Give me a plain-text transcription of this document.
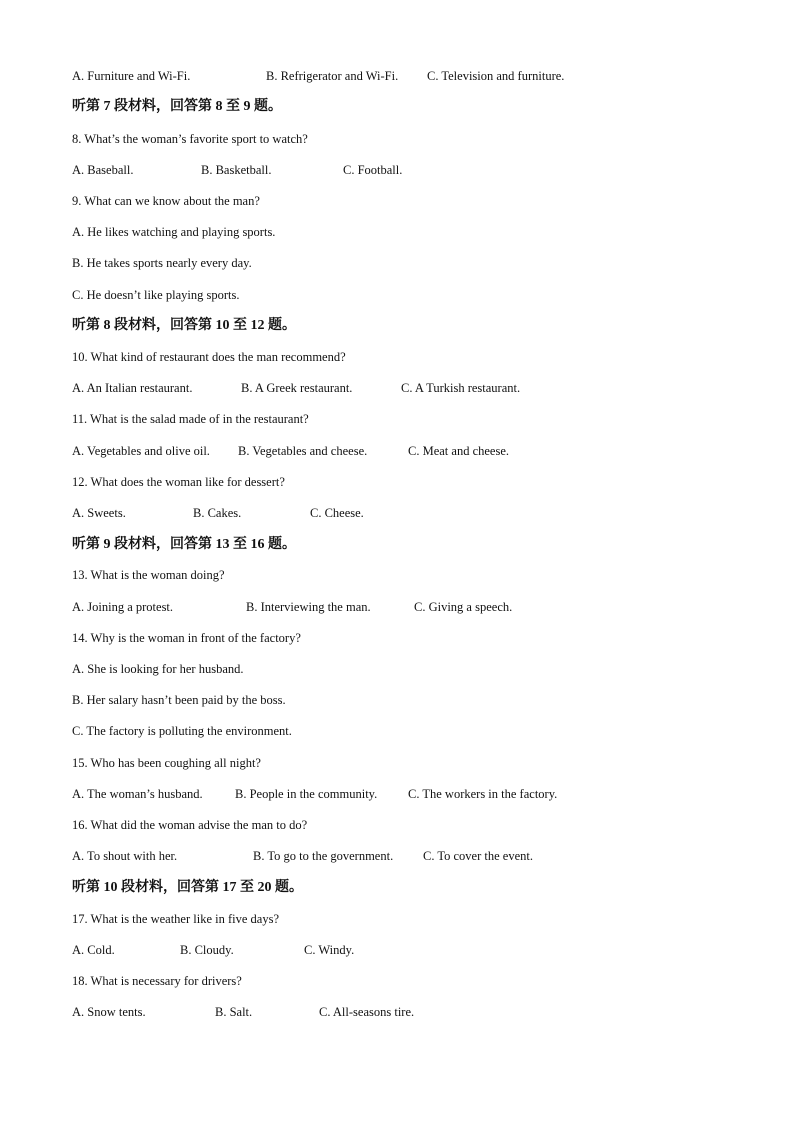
A. Furniture and Wi-Fi.	B. Refrigerator and Wi-Fi. C. Television and furniture.
听第 7 段材料，回答第 8 至 9 题。
8. What’s the woman’s favorite sport to watch?
A. Baseball.	B. Basketball.	C. Football.
9. What can we know about the man?
A. He likes watching and playing sports.
B. He takes sports nearly every day.
C. He doesn’t like playing sports.
听第 8 段材料，回答第 10 至 12 题。
10. What kind of restaurant does the man recommend?
A. An Italian restaurant.	B. A Greek restaurant.	C. A Turkish restaurant.
11. What is the salad made of in the restaurant?
A. Vegetables and olive oil. B. Vegetables and cheese.	C. Meat and cheese.
12. What does the woman like for dessert?
A. Sweets.	B. Cakes.	C. Cheese.
听第 9 段材料，回答第 13 至 16 题。
13. What is the woman doing?
A. Joining a protest.	B. Interviewing the man.	C. Giving a speech.
14. Why is the woman in front of the factory?
A. She is looking for her husband.
B. Her salary hasn’t been paid by the boss.
C. The factory is polluting the environment.
15. Who has been coughing all night?
A. The woman’s husband.	B. People in the community. C. The workers in the factory.
16. What did the woman advise the man to do?
A. To shout with her.	B. To go to the government. C. To cover the event.
听第 10 段材料，回答第 17 至 20 题。
17. What is the weather like in five days?
A. Cold.	B. Cloudy.	C. Windy.
18. What is necessary for drivers?
A. Snow tents.	B. Salt.	C. All-seasons tire.
